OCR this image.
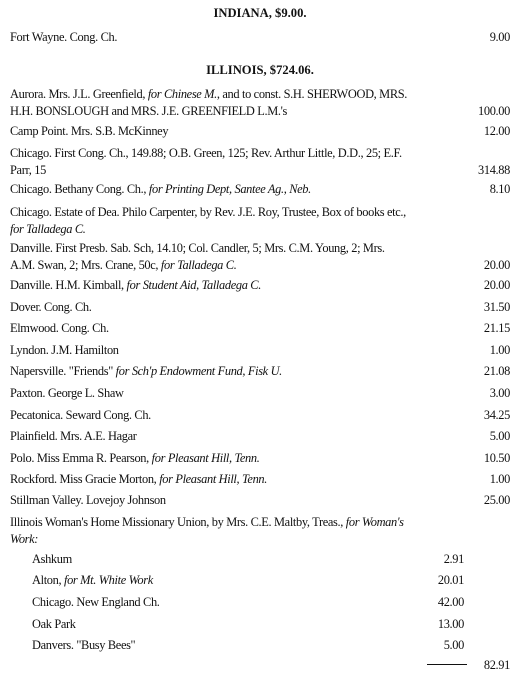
INDIANA, $9.00.
Fort Wayne. Cong. Ch.	9.00
ILLINOIS, $724.06.
Aurora. Mrs. J.L. Greenfield, for Chinese M., and to const. S.H. SHERWOOD, MRS. H.H. BONSLOUGH and MRS. J.E. GREENFIELD L.M.'s	100.00
Camp Point. Mrs. S.B. McKinney	12.00
Chicago. First Cong. Ch., 149.88; O.B. Green, 125; Rev. Arthur Little, D.D., 25; E.F. Parr, 15	314.88
Chicago. Bethany Cong. Ch., for Printing Dept, Santee Ag., Neb.	8.10
Chicago. Estate of Dea. Philo Carpenter, by Rev. J.E. Roy, Trustee, Box of books etc., for Talladega C.
Danville. First Presb. Sab. Sch, 14.10; Col. Candler, 5; Mrs. C.M. Young, 2; Mrs. A.M. Swan, 2; Mrs. Crane, 50c, for Talladega C.	20.00
Danville. H.M. Kimball, for Student Aid, Talladega C.	20.00
Dover. Cong. Ch.	31.50
Elmwood. Cong. Ch.	21.15
Lyndon. J.M. Hamilton	1.00
Napersville. "Friends" for Sch'p Endowment Fund, Fisk U.	21.08
Paxton. George L. Shaw	3.00
Pecatonica. Seward Cong. Ch.	34.25
Plainfield. Mrs. A.E. Hagar	5.00
Polo. Miss Emma R. Pearson, for Pleasant Hill, Tenn.	10.50
Rockford. Miss Gracie Morton, for Pleasant Hill, Tenn.	1.00
Stillman Valley. Lovejoy Johnson	25.00
Illinois Woman's Home Missionary Union, by Mrs. C.E. Maltby, Treas., for Woman's Work:
Ashkum	2.91
Alton, for Mt. White Work	20.01
Chicago. New England Ch.	42.00
Oak Park	13.00
Danvers. "Busy Bees"	5.00
82.91
